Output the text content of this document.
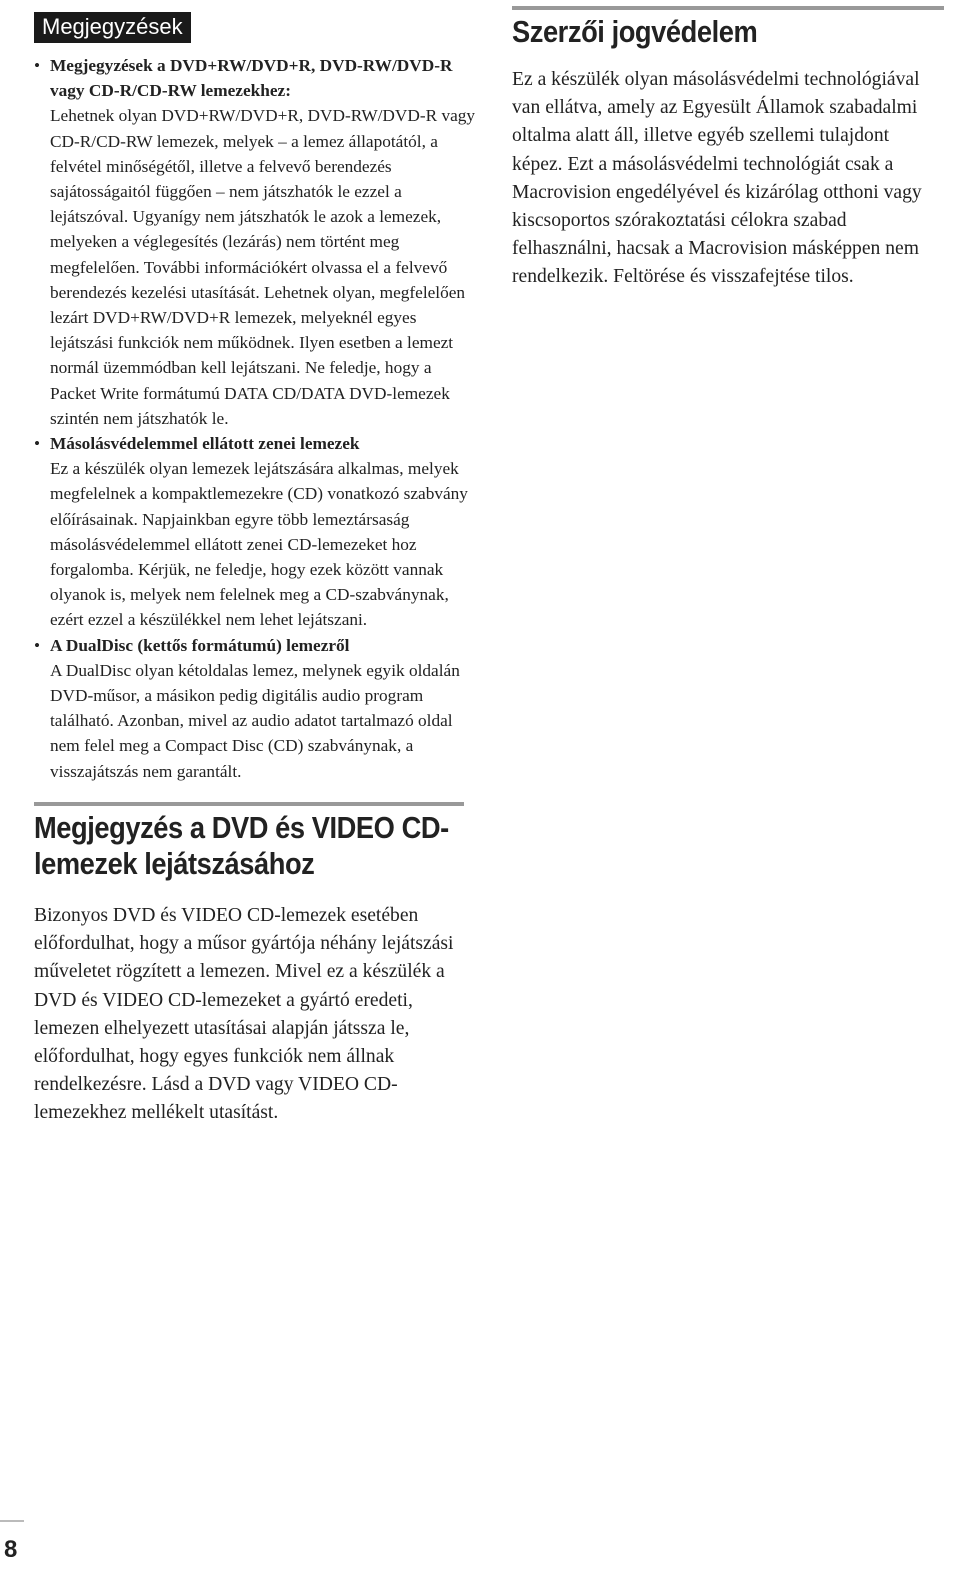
Megjegyzések
• Megjegyzések a DVD+RW/DVD+R, DVD-RW/DVD-R vagy CD-R/CD-RW lemezekhez:
Lehetnek olyan DVD+RW/DVD+R, DVD-RW/DVD-R vagy CD-R/CD-RW lemezek, melyek – a lemez állapotától, a felvétel minőségétől, illetve a felvevő berendezés sajátosságaitól függően – nem játszhatók le ezzel a lejátszóval. Ugyanígy nem játszhatók le azok a lemezek, melyeken a véglegesítés (lezárás) nem történt meg megfelelően. További információkért olvassa el a felvevő berendezés kezelési utasítását. Lehetnek olyan, megfelelően lezárt DVD+RW/DVD+R lemezek, melyeknél egyes lejátszási funkciók nem működnek. Ilyen esetben a lemezt normál üzemmódban kell lejátszani. Ne feledje, hogy a Packet Write formátumú DATA CD/DATA DVD-lemezek szintén nem játszhatók le.
• Másolásvédelemmel ellátott zenei lemezek
Ez a készülék olyan lemezek lejátszására alkalmas, melyek megfelelnek a kompaktlemezekre (CD) vonatkozó szabvány előírásainak. Napjainkban egyre több lemeztársaság másolásvédelemmel ellátott zenei CD-lemezeket hoz forgalomba. Kérjük, ne feledje, hogy ezek között vannak olyanok is, melyek nem felelnek meg a CD-szabványnak, ezért ezzel a készülékkel nem lehet lejátszani.
• A DualDisc (kettős formátumú) lemezről
A DualDisc olyan kétoldalas lemez, melynek egyik oldalán DVD-műsor, a másikon pedig digitális audio program található. Azonban, mivel az audio adatot tartalmazó oldal nem felel meg a Compact Disc (CD) szabványnak, a visszajátszás nem garantált.
Megjegyzés a DVD és VIDEO CD-lemezek lejátszásához

Bizonyos DVD és VIDEO CD-lemezek esetében előfordulhat, hogy a műsor gyártója néhány lejátszási műveletet rögzített a lemezen. Mivel ez a készülék a DVD és VIDEO CD-lemezeket a gyártó eredeti, lemezen elhelyezett utasításai alapján játssza le, előfordulhat, hogy egyes funkciók nem állnak rendelkezésre. Lásd a DVD vagy VIDEO CD-lemezekhez mellékelt utasítást.

Szerzői jogvédelem

Ez a készülék olyan másolásvédelmi technológiával van ellátva, amely az Egyesült Államok szabadalmi oltalma alatt áll, illetve egyéb szellemi tulajdont képez. Ezt a másolásvédelmi technológiát csak a Macrovision engedélyével és kizárólag otthoni vagy kiscsoportos szórakoztatási célokra szabad felhasználni, hacsak a Macrovision másképpen nem rendelkezik. Feltörése és visszafejtése tilos.

8
